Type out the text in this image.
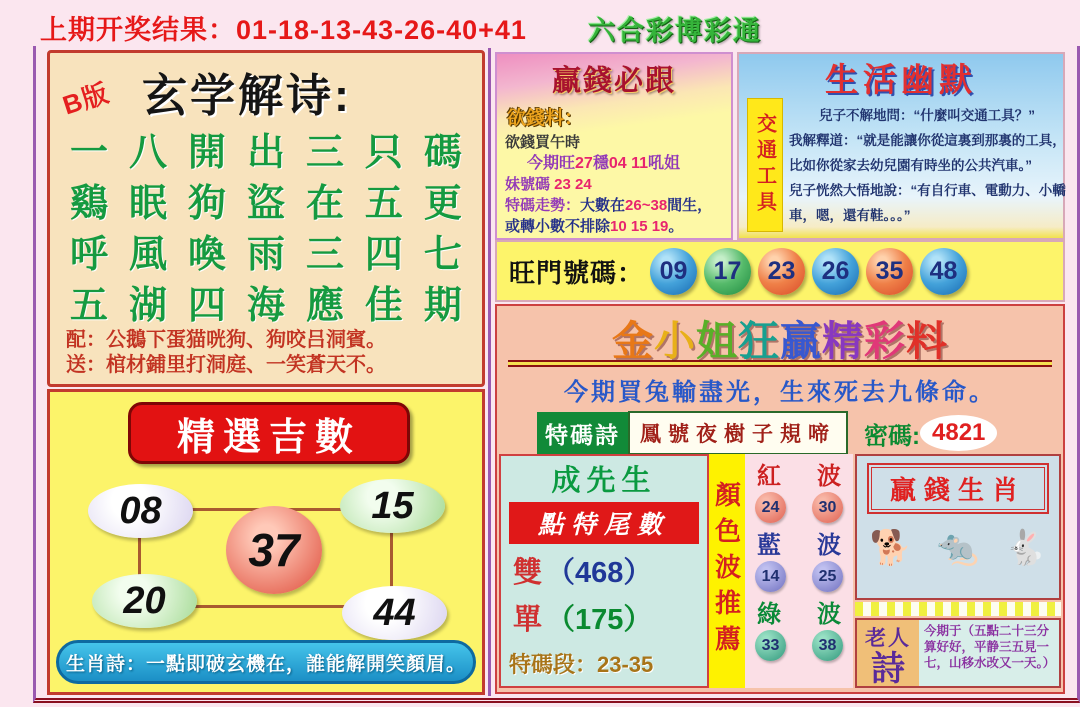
上期开奖结果：01-18-13-43-26-40+41 六合彩博彩通
B版 玄学解诗:
一 八 開 出 三 只 碼
鷄 眠 狗 盜 在 五 更
呼 風 喚 雨 三 四 七
五 湖 四 海 應 佳 期
配：公鵝下蛋猫咣狗、狗咬吕洞賓。
送：棺材鋪里打洞庭、一笑蒼天不。
精選吉數
08	15
37
20	44
生肖詩：一點即破玄機在，誰能解開笑顏眉。
贏錢必跟
欲錢料：
欲錢買午時
今期旺27穩04 11吼姐
妹號碼 23 24
特碼走勢：大數在26~38間生，
或轉小數不排除10 15 19。
旺門號碼： 09 17 23 26 35 48
生活幽默
交通工具	兒子不解地問：“什麼叫交通工具？”
我解釋道：“就是能讓你從這裏到那裏的工具，
比如你從家去幼兒園有時坐的公共汽車。”
兒子恍然大悟地說：“有自行車、電動力、小轎
車，嗯，還有鞋。。。”
金小姐狂贏精彩料
今期買兔輸盡光，生來死去九條命。
特碼詩 鳳號夜樹子規啼	密碼: 4821
成先生
點特尾數
雙 （468）
單 （175）
特碼段：23-35
顏色波推薦
紅 波
24 30
藍 波
14 25
綠 波
33 38
贏錢生肖
🐕 🐀 🐇
老人
詩
今期于（五點二十三分算好好，平静三五見一七，山移水改又一天。）
